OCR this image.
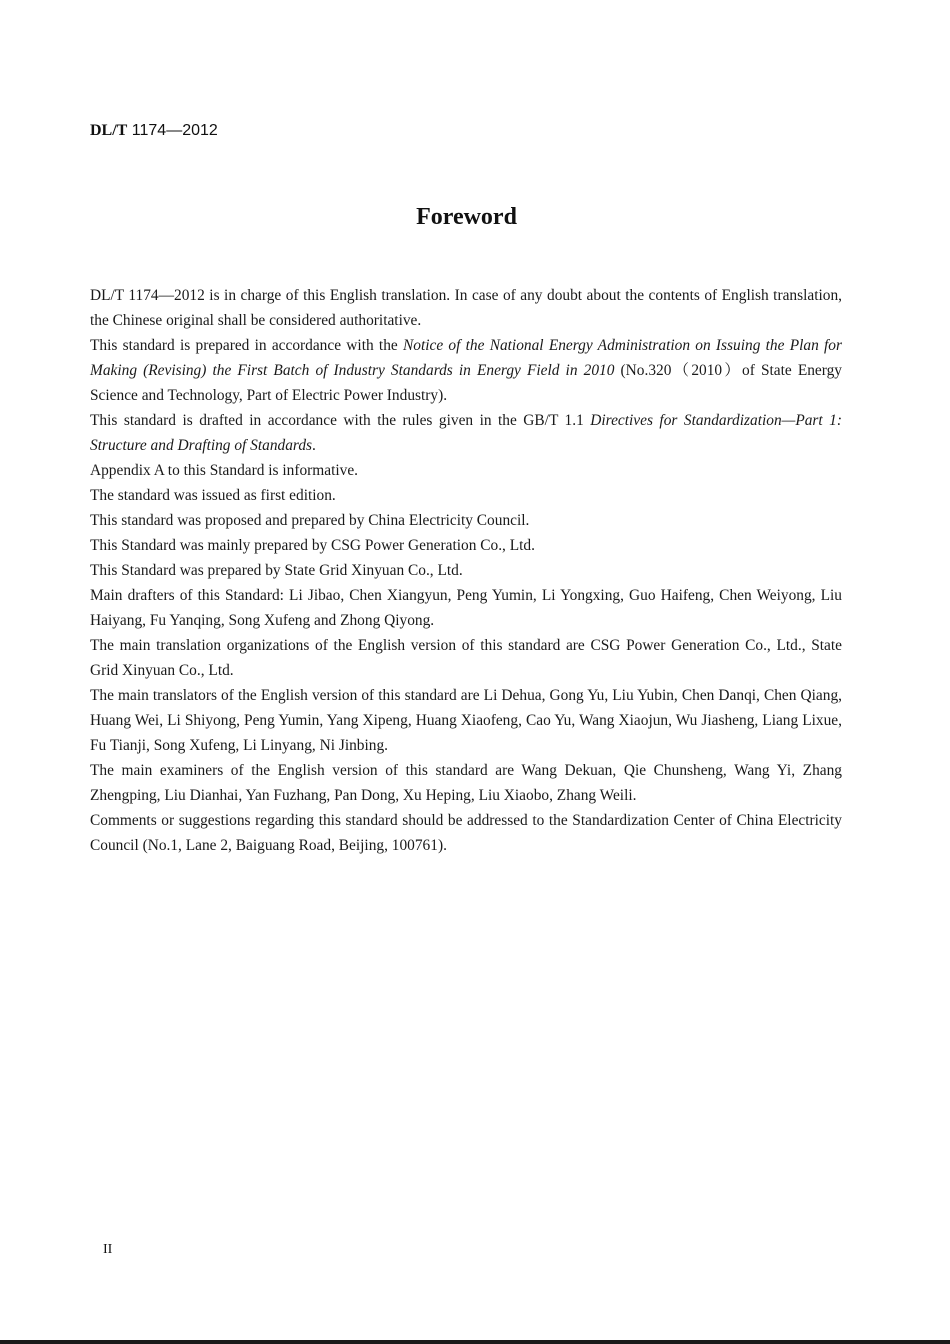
DL/T 1174—2012
Foreword

DL/T 1174—2012 is in charge of this English translation. In case of any doubt about the contents of English translation, the Chinese original shall be considered authoritative.

This standard is prepared in accordance with the Notice of the National Energy Administration on Issuing the Plan for Making (Revising) the First Batch of Industry Standards in Energy Field in 2010 (No.320（2010）of State Energy Science and Technology, Part of Electric Power Industry).

This standard is drafted in accordance with the rules given in the GB/T 1.1 Directives for Standardization—Part 1: Structure and Drafting of Standards.

Appendix A to this Standard is informative.

The standard was issued as first edition.

This standard was proposed and prepared by China Electricity Council.

This Standard was mainly prepared by CSG Power Generation Co., Ltd.

This Standard was prepared by State Grid Xinyuan Co., Ltd.

Main drafters of this Standard: Li Jibao, Chen Xiangyun, Peng Yumin, Li Yongxing, Guo Haifeng, Chen Weiyong, Liu Haiyang, Fu Yanqing, Song Xufeng and Zhong Qiyong.

The main translation organizations of the English version of this standard are CSG Power Generation Co., Ltd., State Grid Xinyuan Co., Ltd.

The main translators of the English version of this standard are Li Dehua, Gong Yu, Liu Yubin, Chen Danqi, Chen Qiang, Huang Wei, Li Shiyong, Peng Yumin, Yang Xipeng, Huang Xiaofeng, Cao Yu, Wang Xiaojun, Wu Jiasheng, Liang Lixue, Fu Tianji, Song Xufeng, Li Linyang, Ni Jinbing.

The main examiners of the English version of this standard are Wang Dekuan, Qie Chunsheng, Wang Yi, Zhang Zhengping, Liu Dianhai, Yan Fuzhang, Pan Dong, Xu Heping, Liu Xiaobo, Zhang Weili.

Comments or suggestions regarding this standard should be addressed to the Standardization Center of China Electricity Council (No.1, Lane 2, Baiguang Road, Beijing, 100761).

II
